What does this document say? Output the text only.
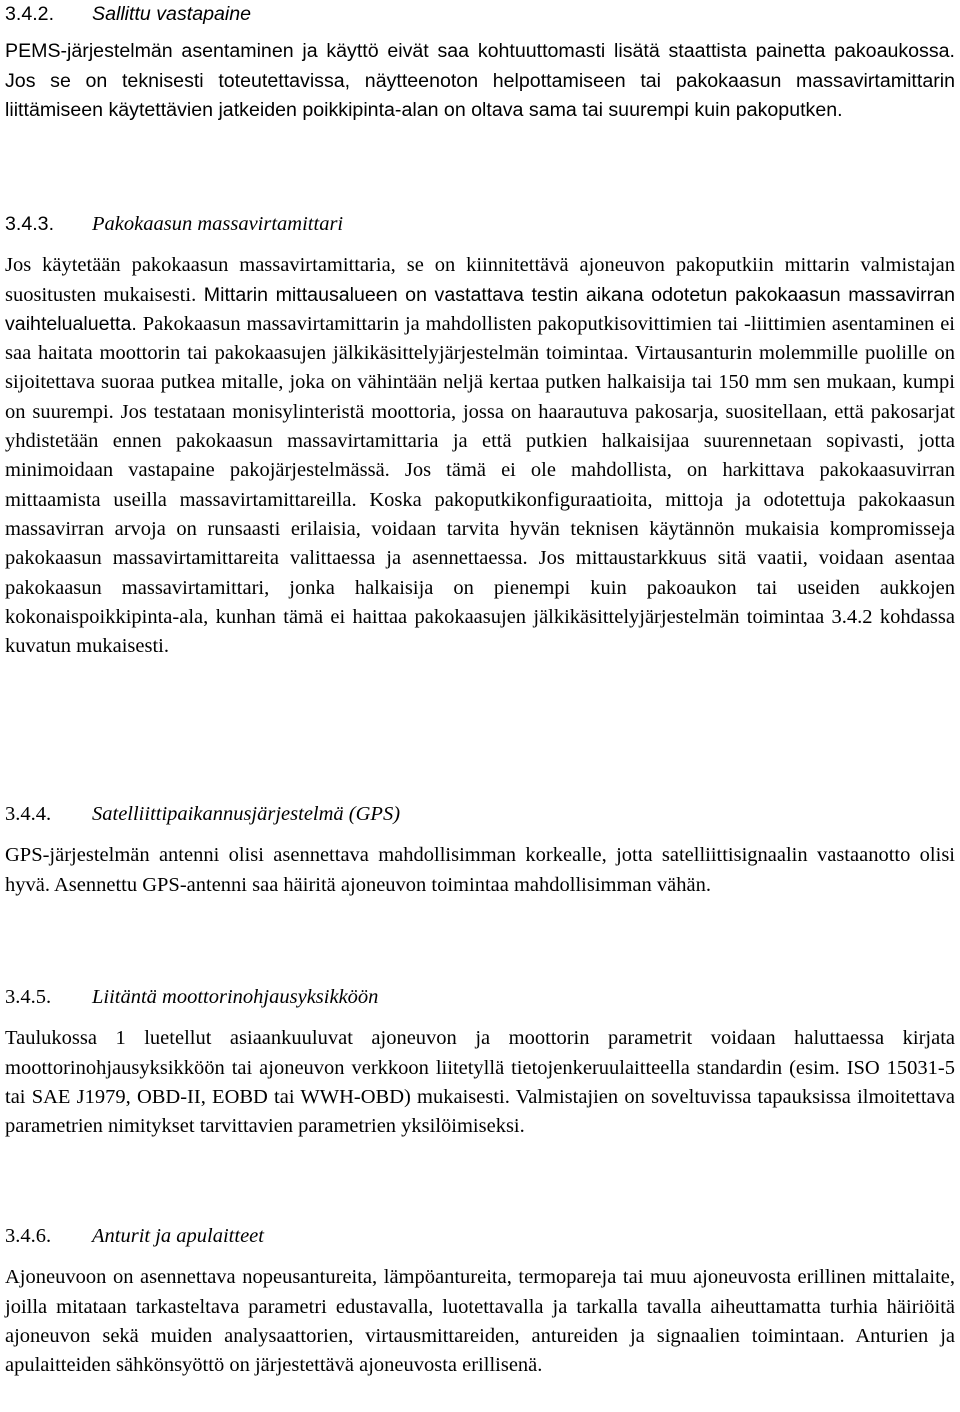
3.4.2.	Sallittu vastapaine

PEMS-järjestelmän asentaminen ja käyttö eivät saa kohtuuttomasti lisätä staattista painetta pakoaukossa. Jos se on teknisesti toteutettavissa, näytteenoton helpottamiseen tai pakokaasun massavirtamittarin liittämiseen käytettävien jatkeiden poikkipinta-alan on oltava sama tai suurempi kuin pakoputken.

3.4.3.	Pakokaasun massavirtamittari

Jos käytetään pakokaasun massavirtamittaria, se on kiinnitettävä ajoneuvon pakoputkiin mittarin valmistajan suositusten mukaisesti. Mittarin mittausalueen on vastattava testin aikana odotetun pakokaasun massavirran vaihtelualuetta. Pakokaasun massavirtamittarin ja mahdollisten pakoputkisovittimien tai -liittimien asentaminen ei saa haitata moottorin tai pakokaasujen jälkikäsittelyjärjestelmän toimintaa. Virtausanturin molemmille puolille on sijoitettava suoraa putkea mitalle, joka on vähintään neljä kertaa putken halkaisija tai 150 mm sen mukaan, kumpi on suurempi. Jos testataan monisylinteristä moottoria, jossa on haarautuva pakosarja, suositellaan, että pakosarjat yhdistetään ennen pakokaasun massavirtamittaria ja että putkien halkaisijaa suurennetaan sopivasti, jotta minimoidaan vastapaine pakojärjestelmässä. Jos tämä ei ole mahdollista, on harkittava pakokaasuvirran mittaamista useilla massavirtamittareilla. Koska pakoputkikonfiguraatioita, mittoja ja odotettuja pakokaasun massavirran arvoja on runsaasti erilaisia, voidaan tarvita hyvän teknisen käytännön mukaisia kompromisseja pakokaasun massavirtamittareita valittaessa ja asennettaessa. Jos mittaustarkkuus sitä vaatii, voidaan asentaa pakokaasun massavirtamittari, jonka halkaisija on pienempi kuin pakoaukon tai useiden aukkojen kokonaispoikkipinta-ala, kunhan tämä ei haittaa pakokaasujen jälkikäsittelyjärjestelmän toimintaa 3.4.2 kohdassa kuvatun mukaisesti.

3.4.4.	Satelliittipaikannusjärjestelmä (GPS)

GPS-järjestelmän antenni olisi asennettava mahdollisimman korkealle, jotta satelliittisignaalin vastaanotto olisi hyvä. Asennettu GPS-antenni saa häiritä ajoneuvon toimintaa mahdollisimman vähän.

3.4.5.	Liitäntä moottorinohjausyksikköön

Taulukossa 1 luetellut asiaankuuluvat ajoneuvon ja moottorin parametrit voidaan haluttaessa kirjata moottorinohjausyksikköön tai ajoneuvon verkkoon liitetyllä tietojenkeruulaitteella standardin (esim. ISO 15031-5 tai SAE J1979, OBD-II, EOBD tai WWH-OBD) mukaisesti. Valmistajien on soveltuvissa tapauksissa ilmoitettava parametrien nimitykset tarvittavien parametrien yksilöimiseksi.

3.4.6.	Anturit ja apulaitteet

Ajoneuvoon on asennettava nopeusantureita, lämpöantureita, termopareja tai muu ajoneuvosta erillinen mittalaite, joilla mitataan tarkasteltava parametri edustavalla, luotettavalla ja tarkalla tavalla aiheuttamatta turhia häiriöitä ajoneuvon sekä muiden analysaattorien, virtausmittareiden, antureiden ja signaalien toimintaan. Anturien ja apulaitteiden sähkönsyöttö on järjestettävä ajoneuvosta erillisenä.
